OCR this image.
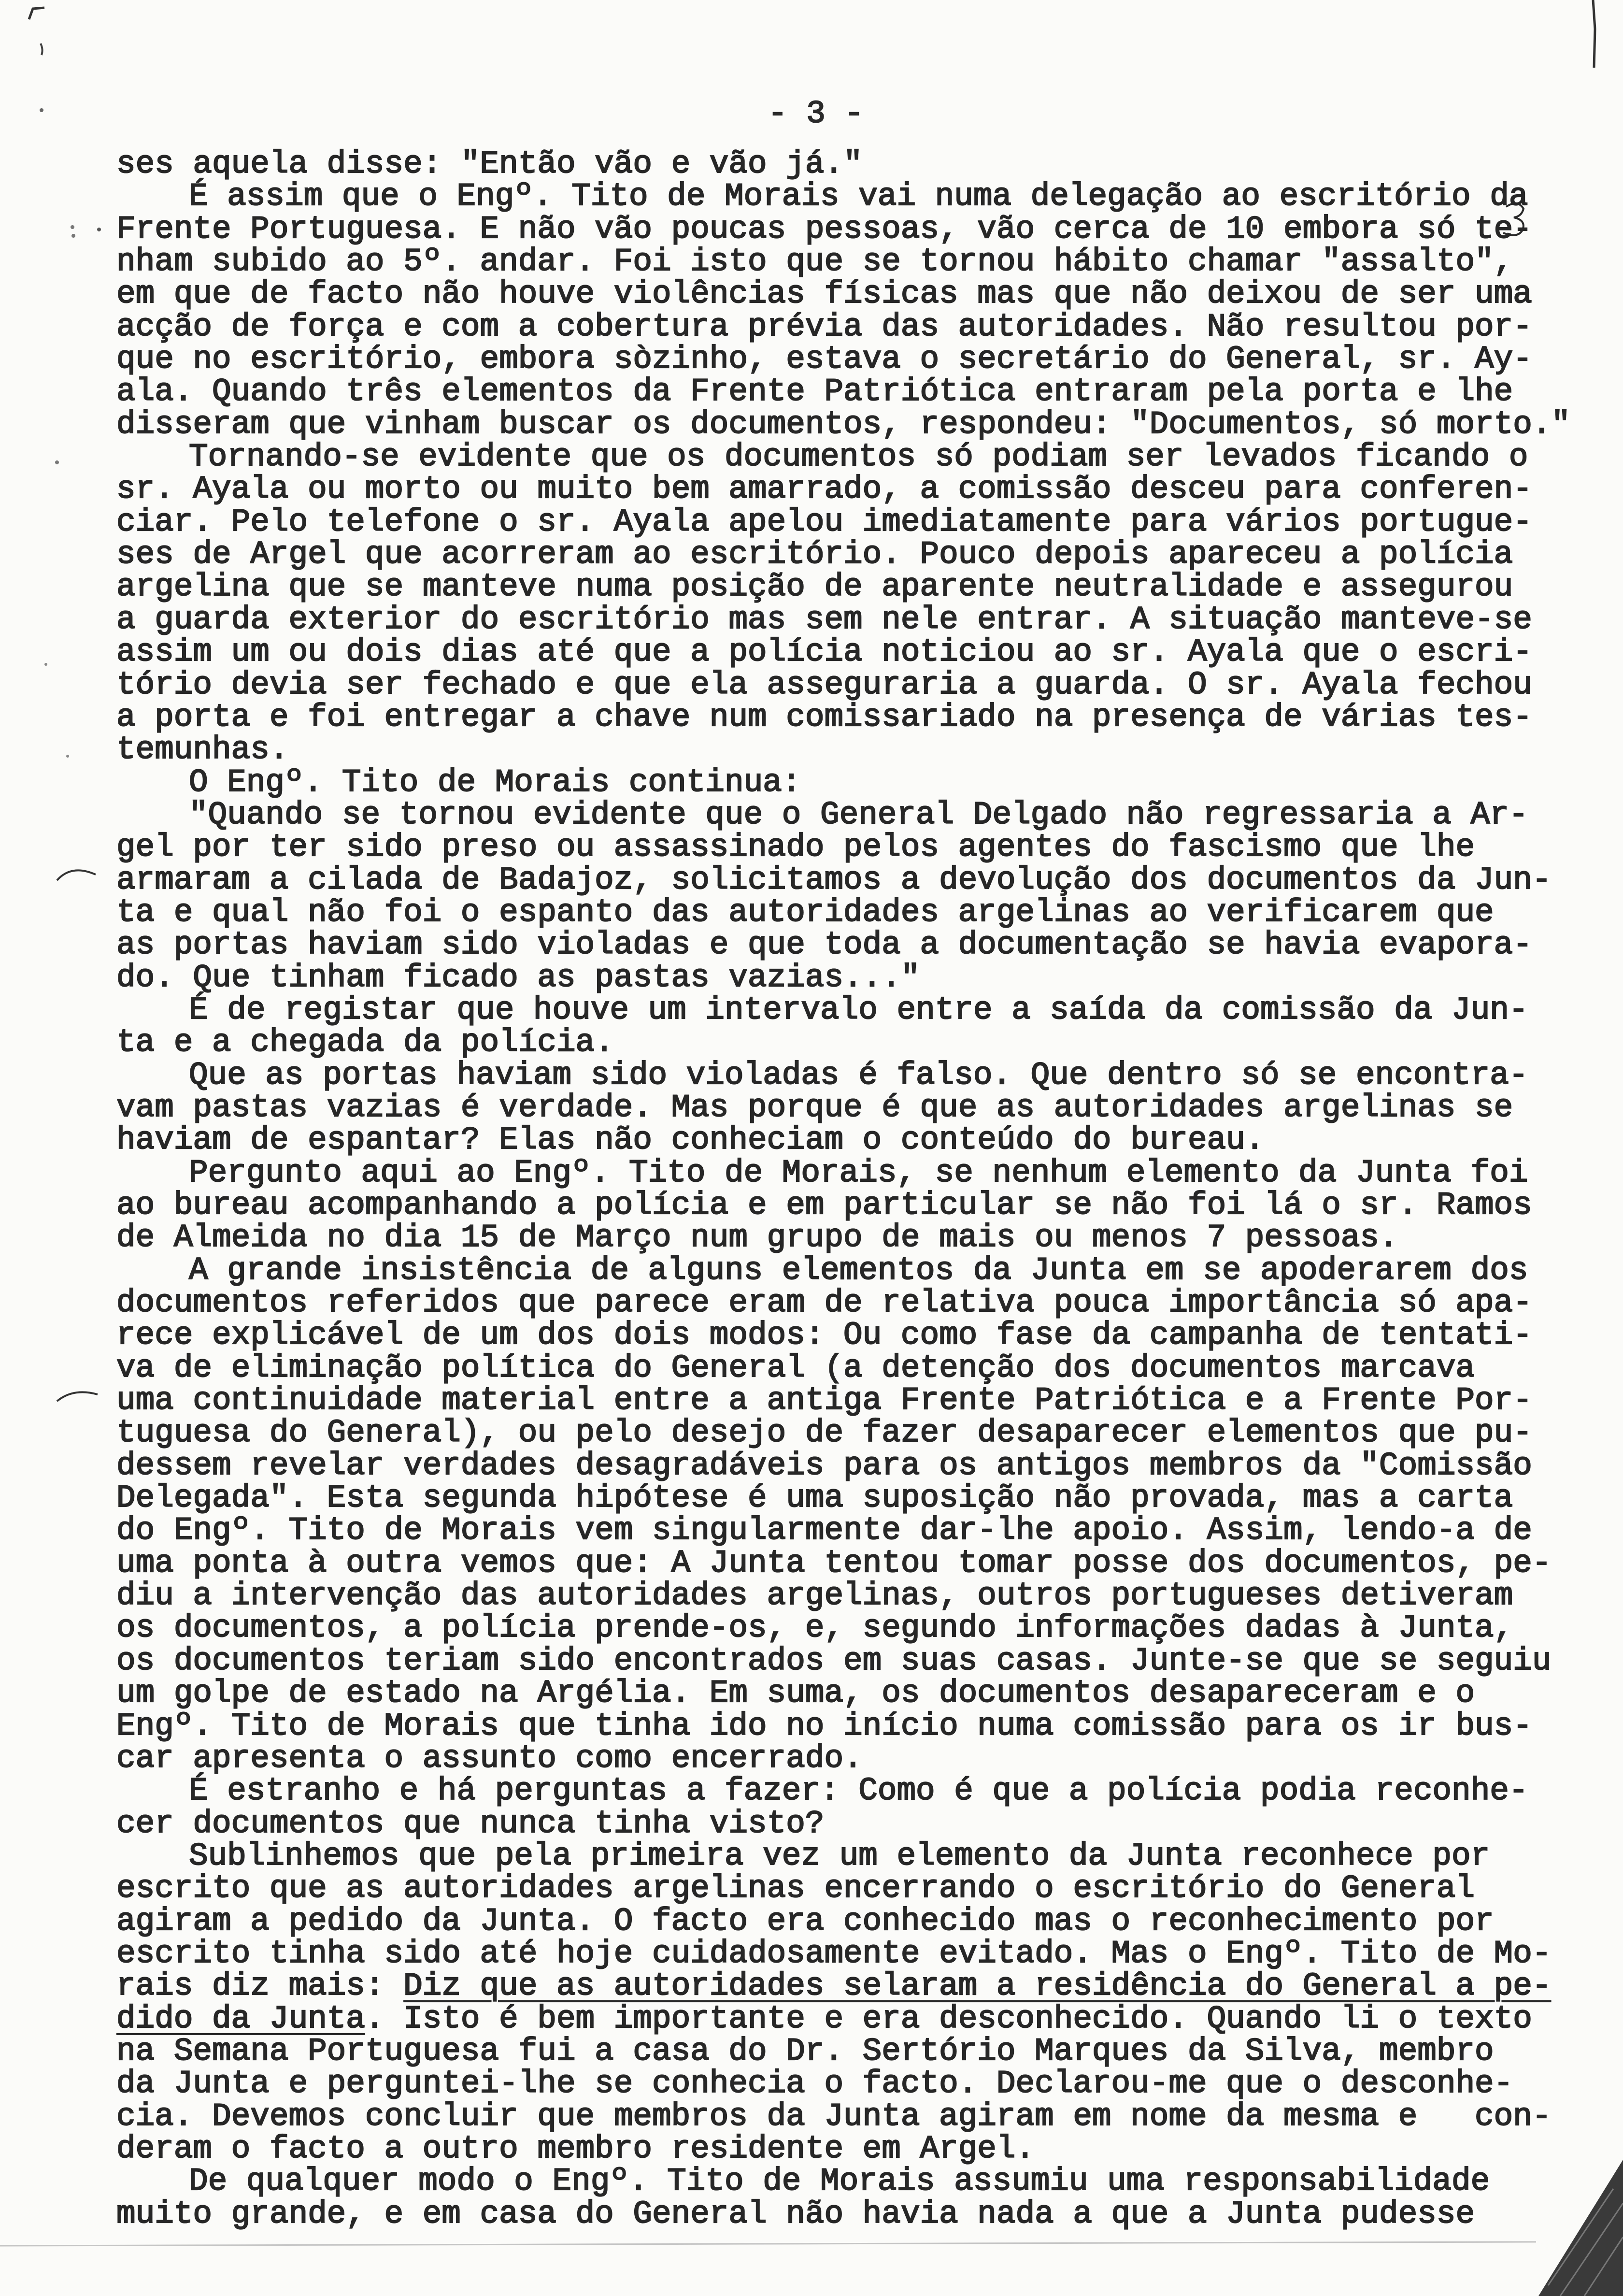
- 3 -
ses aquela disse: "Então vão e vão já."
É assim que o Engº. Tito de Morais vai numa delegação ao escritório da
Frente Portuguesa. E não vão poucas pessoas, vão cerca de 10 embora só te-
nham subido ao 5º. andar. Foi isto que se tornou hábito chamar "assalto",
em que de facto não houve violências físicas mas que não deixou de ser uma
acção de força e com a cobertura prévia das autoridades. Não resultou por-
que no escritório, embora sòzinho, estava o secretário do General, sr. Ay-
ala. Quando três elementos da Frente Patriótica entraram pela porta e lhe
disseram que vinham buscar os documentos, respondeu: "Documentos, só morto."
Tornando-se evidente que os documentos só podiam ser levados ficando o
sr. Ayala ou morto ou muito bem amarrado, a comissão desceu para conferen-
ciar. Pelo telefone o sr. Ayala apelou imediatamente para vários portugue-
ses de Argel que acorreram ao escritório. Pouco depois apareceu a polícia
argelina que se manteve numa posição de aparente neutralidade e assegurou
a guarda exterior do escritório mas sem nele entrar. A situação manteve-se
assim um ou dois dias até que a polícia noticiou ao sr. Ayala que o escri-
tório devia ser fechado e que ela asseguraria a guarda. O sr. Ayala fechou
a porta e foi entregar a chave num comissariado na presença de várias tes-
temunhas.
O Engº. Tito de Morais continua:
"Quando se tornou evidente que o General Delgado não regressaria a Ar-
gel por ter sido preso ou assassinado pelos agentes do fascismo que lhe
armaram a cilada de Badajoz, solicitamos a devolução dos documentos da Jun-
ta e qual não foi o espanto das autoridades argelinas ao verificarem que
as portas haviam sido violadas e que toda a documentação se havia evapora-
do. Que tinham ficado as pastas vazias..."
É de registar que houve um intervalo entre a saída da comissão da Jun-
ta e a chegada da polícia.
Que as portas haviam sido violadas é falso. Que dentro só se encontra-
vam pastas vazias é verdade. Mas porque é que as autoridades argelinas se
haviam de espantar? Elas não conheciam o conteúdo do bureau.
Pergunto aqui ao Engº. Tito de Morais, se nenhum elemento da Junta foi
ao bureau acompanhando a polícia e em particular se não foi lá o sr. Ramos
de Almeida no dia 15 de Março num grupo de mais ou menos 7 pessoas.
A grande insistência de alguns elementos da Junta em se apoderarem dos
documentos referidos que parece eram de relativa pouca importância só apa-
rece explicável de um dos dois modos: Ou como fase da campanha de tentati-
va de eliminação política do General (a detenção dos documentos marcava
uma continuidade material entre a antiga Frente Patriótica e a Frente Por-
tuguesa do General), ou pelo desejo de fazer desaparecer elementos que pu-
dessem revelar verdades desagradáveis para os antigos membros da "Comissão
Delegada". Esta segunda hipótese é uma suposição não provada, mas a carta
do Engº. Tito de Morais vem singularmente dar-lhe apoio. Assim, lendo-a de
uma ponta à outra vemos que: A Junta tentou tomar posse dos documentos, pe-
diu a intervenção das autoridades argelinas, outros portugueses detiveram
os documentos, a polícia prende-os, e, segundo informações dadas à Junta,
os documentos teriam sido encontrados em suas casas. Junte-se que se seguiu
um golpe de estado na Argélia. Em suma, os documentos desapareceram e o
Engº. Tito de Morais que tinha ido no início numa comissão para os ir bus-
car apresenta o assunto como encerrado.
É estranho e há perguntas a fazer: Como é que a polícia podia reconhe-
cer documentos que nunca tinha visto?
Sublinhemos que pela primeira vez um elemento da Junta reconhece por
escrito que as autoridades argelinas encerrando o escritório do General
agiram a pedido da Junta. O facto era conhecido mas o reconhecimento por
escrito tinha sido até hoje cuidadosamente evitado. Mas o Engº. Tito de Mo-
rais diz mais: Diz que as autoridades selaram a residência do General a pe-
dido da Junta. Isto é bem importante e era desconhecido. Quando li o texto
na Semana Portuguesa fui a casa do Dr. Sertório Marques da Silva, membro
da Junta e perguntei-lhe se conhecia o facto. Declarou-me que o desconhe-
cia. Devemos concluir que membros da Junta agiram em nome da mesma e   con-
deram o facto a outro membro residente em Argel.
De qualquer modo o Engº. Tito de Morais assumiu uma responsabilidade
muito grande, e em casa do General não havia nada a que a Junta pudesse
